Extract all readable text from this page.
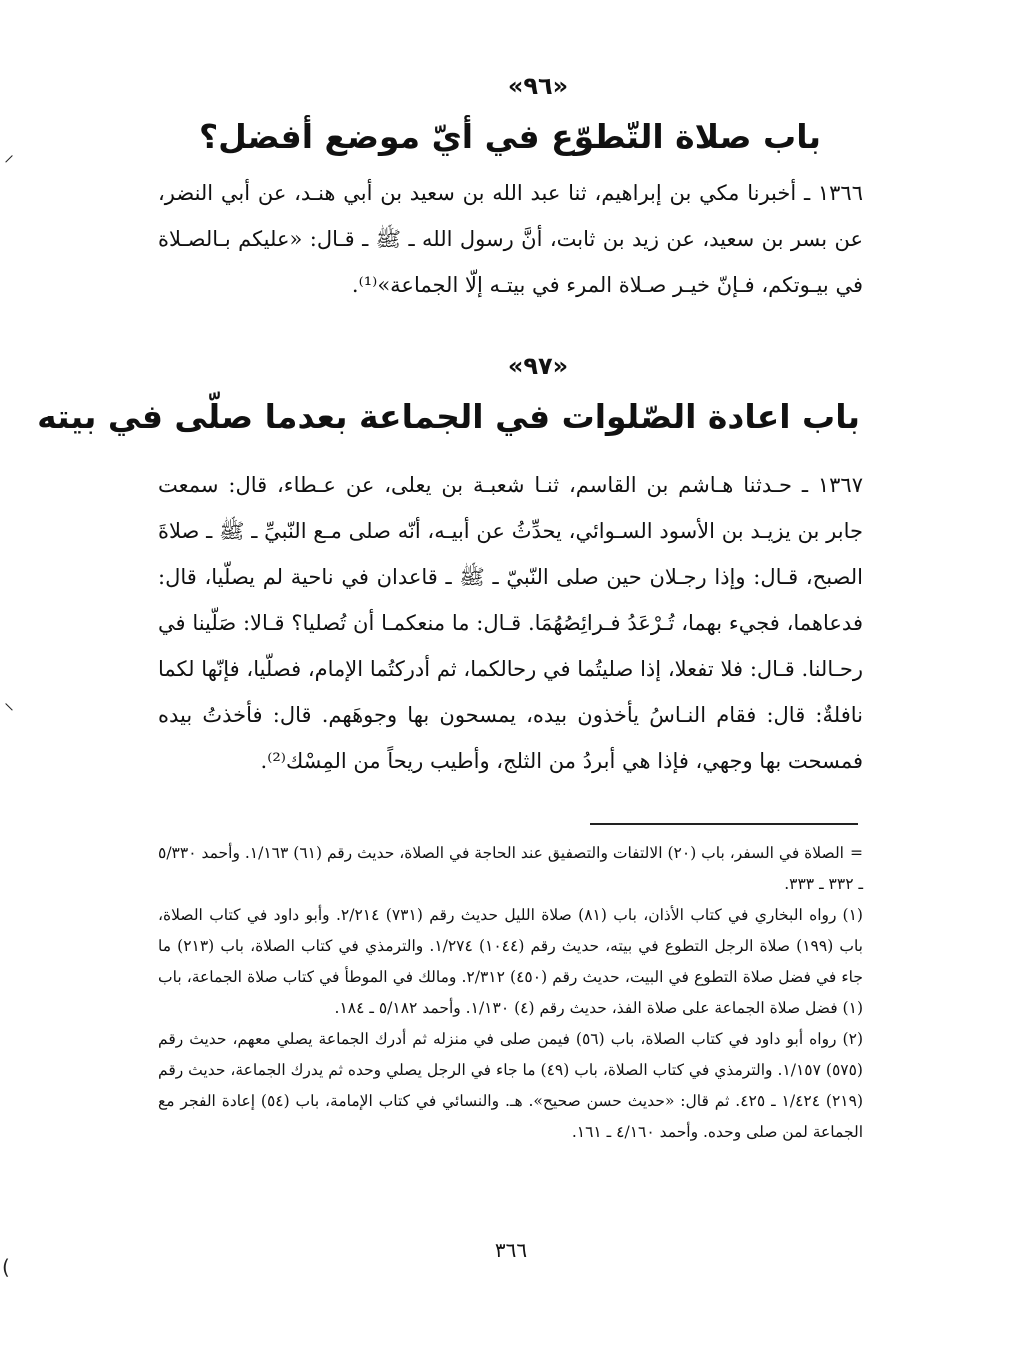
«٩٦»
باب صلاة التّطوّع في أيّ موضع أفضل؟

١٣٦٦ ـ أخبرنا مكي بن إبراهيم، ثنا عبد الله بن سعيد بن أبي هنـد، عن أبي النضر، عن بسر بن سعيد، عن زيد بن ثابت، أنَّ رسول الله ـ ﷺ ـ قـال: «عليكم بـالصـلاة في بيـوتكم، فـإنّ خيـر صـلاة المرء في بيتـه إلّا الجماعة»⁽¹⁾.

«٩٧»
باب اعادة الصّلوات في الجماعة بعدما صلّى في بيته

١٣٦٧ ـ حـدثنا هـاشم بن القاسم، ثنـا شعبـة بن يعلى، عن عـطاء، قال: سمعت جابر بن يزيـد بن الأسود السـوائي، يحدِّثُ عن أبيـه، أنّه صلى مـع النّبيِّ ـ ﷺ ـ صلاةَ الصبح، قـال: وإذا رجـلان حين صلى النّبيّ ـ ﷺ ـ قاعدان في ناحية لم يصلّيا، قال: فدعاهما، فجيء بهما، تُـرْعَدُ فـرائِصُهُمَا. قـال: ما منعكمـا أن تُصليا؟ قـالا: صَلّينا في رحـالنا. قـال: فلا تفعلا، إذا صليتُما في رحالكما، ثم أدركتُما الإمام، فصلّيا، فإنّها لكما نافلةٌ: قال: فقام النـاسُ يأخذون بيده، يمسحون بها وجوهَهم. قال: فأخذتُ بيده فمسحت بها وجهي، فإذا هي أبردُ من الثلج، وأطيب ريحاً من المِسْك⁽²⁾.

=الصلاة في السفر، باب (٢٠) الالتفات والتصفيق عند الحاجة في الصلاة، حديث رقم (٦١) ١/١٦٣. وأحمد ٥/٣٣٠ ـ ٣٣٢ ـ ٣٣٣.

(١)رواه البخاري في كتاب الأذان، باب (٨١) صلاة الليل حديث رقم (٧٣١) ٢/٢١٤. وأبو داود في كتاب الصلاة، باب (١٩٩) صلاة الرجل التطوع في بيته، حديث رقم (١٠٤٤) ١/٢٧٤. والترمذي في كتاب الصلاة، باب (٢١٣) ما جاء في فضل صلاة التطوع في البيت، حديث رقم (٤٥٠) ٢/٣١٢. ومالك في الموطأ في كتاب صلاة الجماعة، باب (١) فضل صلاة الجماعة على صلاة الفذ، حديث رقم (٤) ١/١٣٠. وأحمد ٥/١٨٢ ـ ١٨٤.

(٢)رواه أبو داود في كتاب الصلاة، باب (٥٦) فيمن صلى في منزله ثم أدرك الجماعة يصلي معهم، حديث رقم (٥٧٥) ١/١٥٧. والترمذي في كتاب الصلاة، باب (٤٩) ما جاء في الرجل يصلي وحده ثم يدرك الجماعة، حديث رقم (٢١٩) ١/٤٢٤ ـ ٤٢٥. ثم قال: «حديث حسن صحيح». هـ. والنسائي في كتاب الإمامة، باب (٥٤) إعادة الفجر مع الجماعة لمن صلى وحده. وأحمد ٤/١٦٠ ـ ١٦١.

٣٦٦
⸝
⸜
(
